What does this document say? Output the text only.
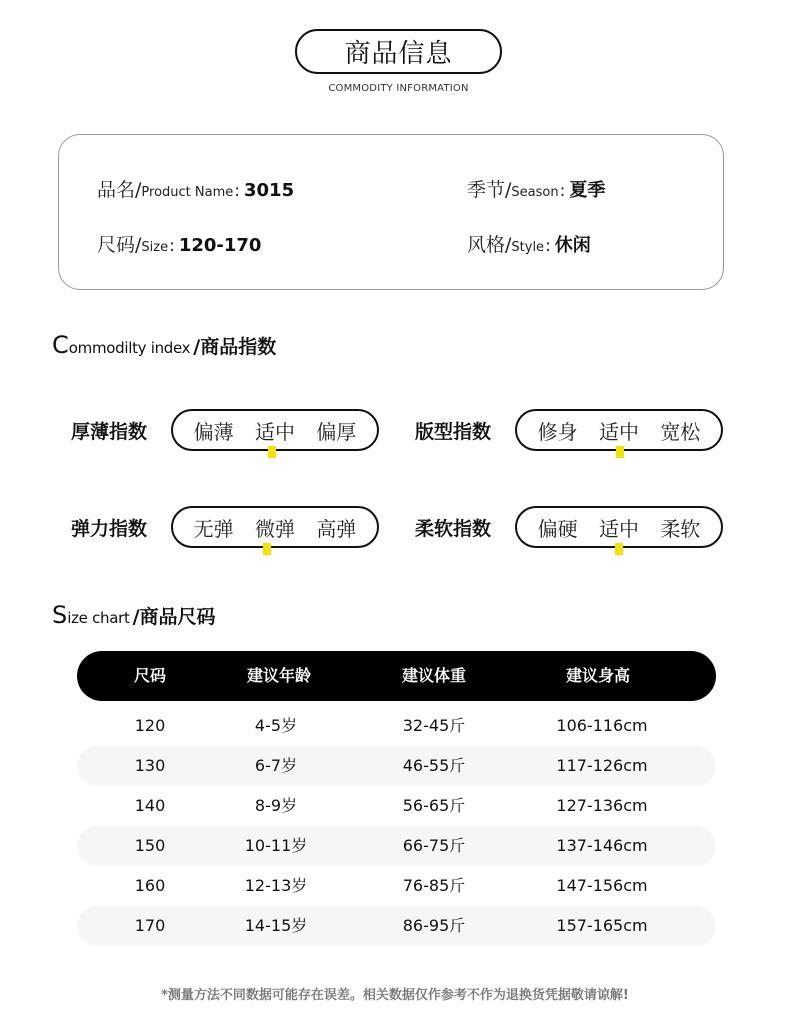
商品信息
COMMODITY INFORMATION
品名/ Product Name : 3015	季节/ Season : 夏季
尺码/ Size : 120-170	风格/ Style : 休闲
C ommodilty index /商品指数
厚薄指数 偏薄 适中 偏厚	版型指数 修身 适中 宽松
弹力指数 无弹 微弹 高弹	柔软指数 偏硬 适中 柔软
S ize chart /商品尺码
尺码	建议年龄	建议体重	建议身高
120	4-5岁	32-45斤	106-116cm
130	6-7岁	46-55斤	117-126cm
140	8-9岁	56-65斤	127-136cm
150	10-11岁	66-75斤	137-146cm
160	12-13岁	76-85斤	147-156cm
170	14-15岁	86-95斤	157-165cm
*测量方法不同数据可能存在误差。相关数据仅作参考不作为退换货凭据敬请谅解!
